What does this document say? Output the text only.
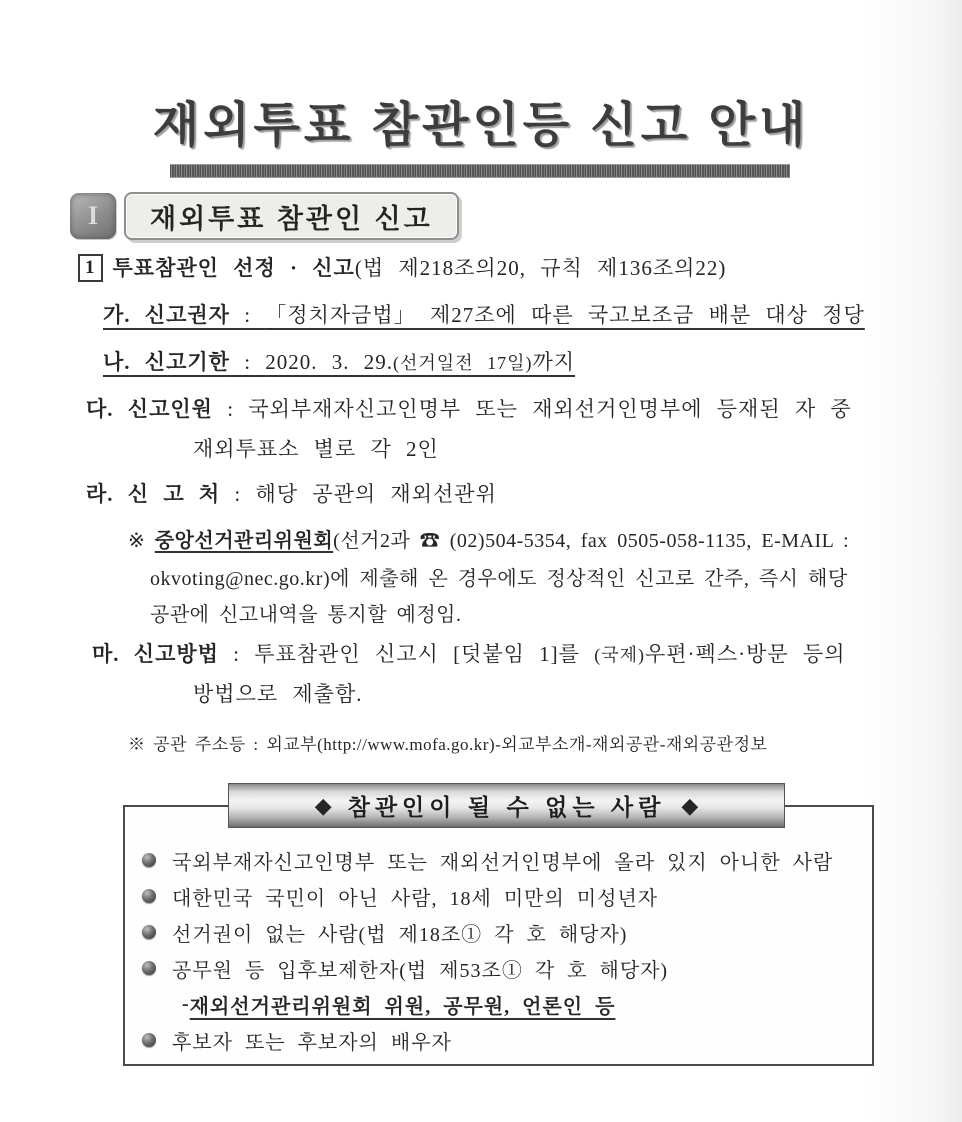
재외투표 참관인등 신고 안내
I	재외투표 참관인 신고
1 투표참관인 선정 · 신고(법 제218조의20, 규칙 제136조의22)
가. 신고권자 : 「정치자금법」 제27조에 따른 국고보조금 배분 대상 정당
나. 신고기한 : 2020. 3. 29.(선거일전 17일)까지
다. 신고인원 : 국외부재자신고인명부 또는 재외선거인명부에 등재된 자 중
재외투표소 별로 각 2인
라. 신 고 처 : 해당 공관의 재외선관위
※ 중앙선거관리위원회(선거2과 ☎ (02)504-5354, fax 0505-058-1135, E-MAIL :
okvoting@nec.go.kr)에 제출해 온 경우에도 정상적인 신고로 간주, 즉시 해당
공관에 신고내역을 통지할 예정임.
마. 신고방법 : 투표참관인 신고시 [덧붙임 1]를 (국제)우편·펙스·방문 등의
방법으로 제출함.
※ 공관 주소등 : 외교부(http://www.mofa.go.kr)-외교부소개-재외공관-재외공관정보
◆ 참관인이 될 수 없는 사람 ◆
국외부재자신고인명부 또는 재외선거인명부에 올라 있지 아니한 사람
대한민국 국민이 아닌 사람, 18세 미만의 미성년자
선거권이 없는 사람(법 제18조① 각 호 해당자)
공무원 등 입후보제한자(법 제53조① 각 호 해당자)
- 재외선거관리위원회 위원, 공무원, 언론인 등
후보자 또는 후보자의 배우자
